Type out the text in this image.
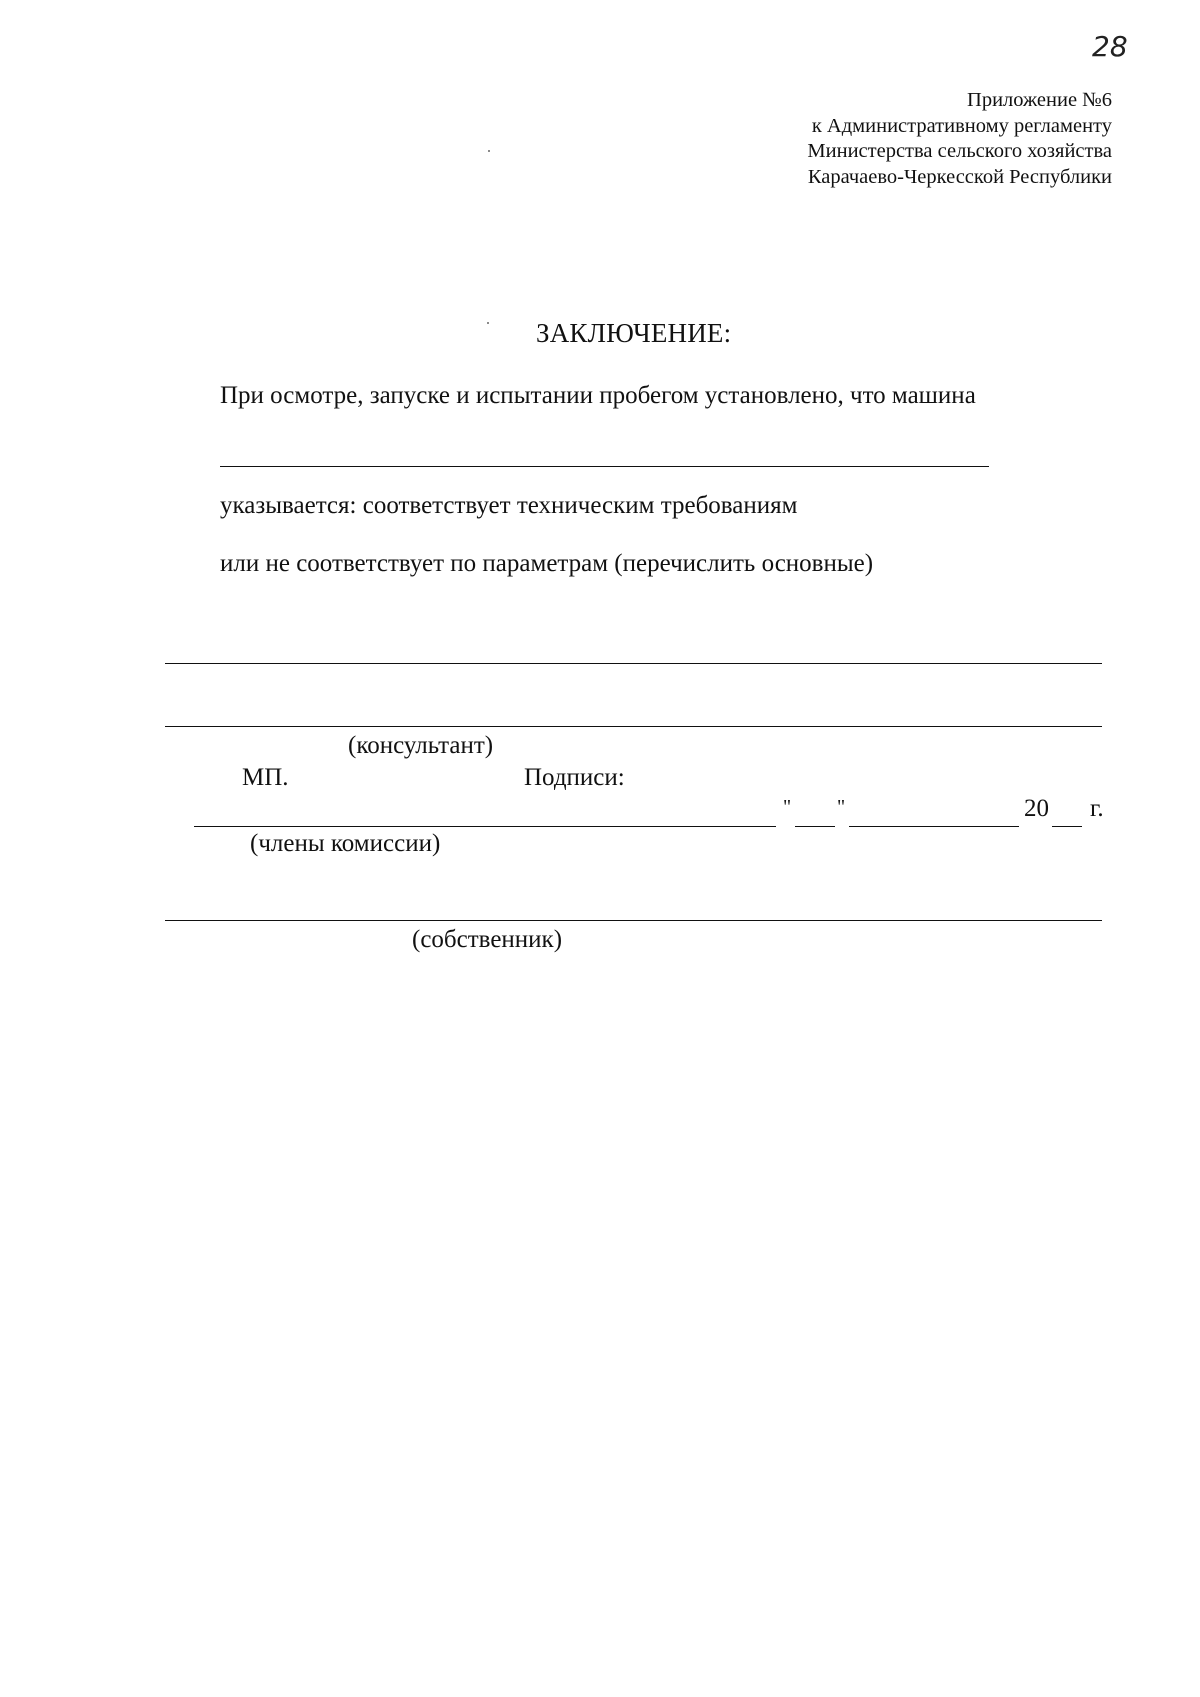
28
Приложение №6
к Административному регламенту
Министерства сельского хозяйства
Карачаево-Черкесской Республики
ЗАКЛЮЧЕНИЕ:
При осмотре, запуске и испытании пробегом установлено, что машина
указывается: соответствует техническим требованиям
или не соответствует по параметрам (перечислить основные)
(консультант)
МП.	Подписи:
" "	20 г.
(члены комиссии)
(собственник)
